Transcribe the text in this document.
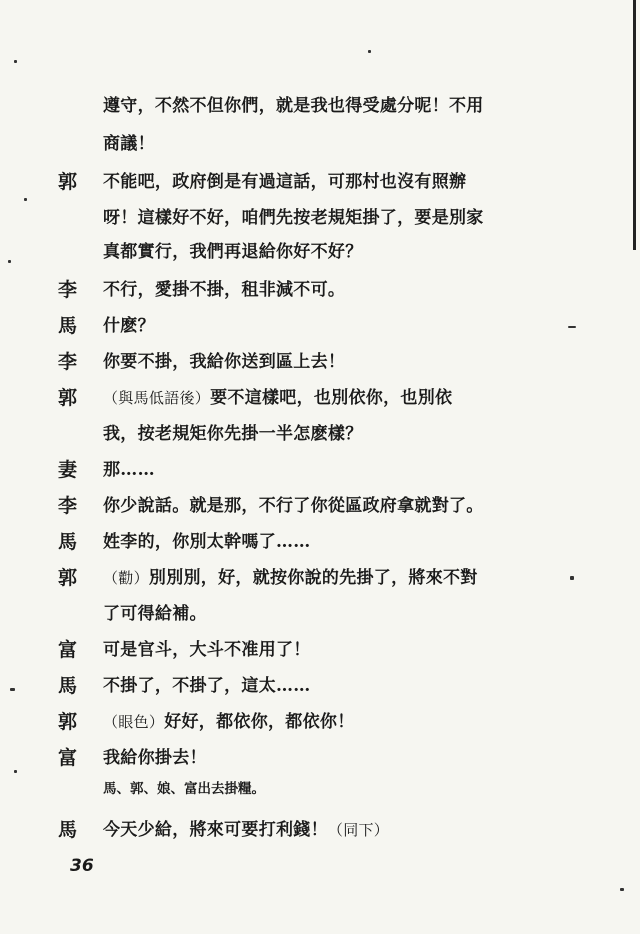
遵守，不然不但你們，就是我也得受處分呢！不用
商議！
郭 不能吧，政府倒是有過這話，可那村也沒有照辦
呀！這樣好不好，咱們先按老規矩掛了，要是別家
真都實行，我們再退給你好不好？
李 不行，愛掛不掛，租非減不可。
馬 什麽？
李 你要不掛，我給你送到區上去！
郭 （與馬低語後）要不這樣吧，也別依你，也別依
我，按老規矩你先掛一半怎麽樣？
妻 那……
李 你少說話。就是那，不行了你從區政府拿就對了。
馬 姓李的，你別太幹嗎了……
郭 （勸）別別別，好，就按你說的先掛了，將來不對
了可得給補。
富 可是官斗，大斗不准用了！
馬 不掛了，不掛了，這太……
郭 （眼色）好好，都依你，都依你！
富 我給你掛去！
馬、郭、娘、富出去掛糧。
馬 今天少給，將來可要打利錢！（同下）
36
